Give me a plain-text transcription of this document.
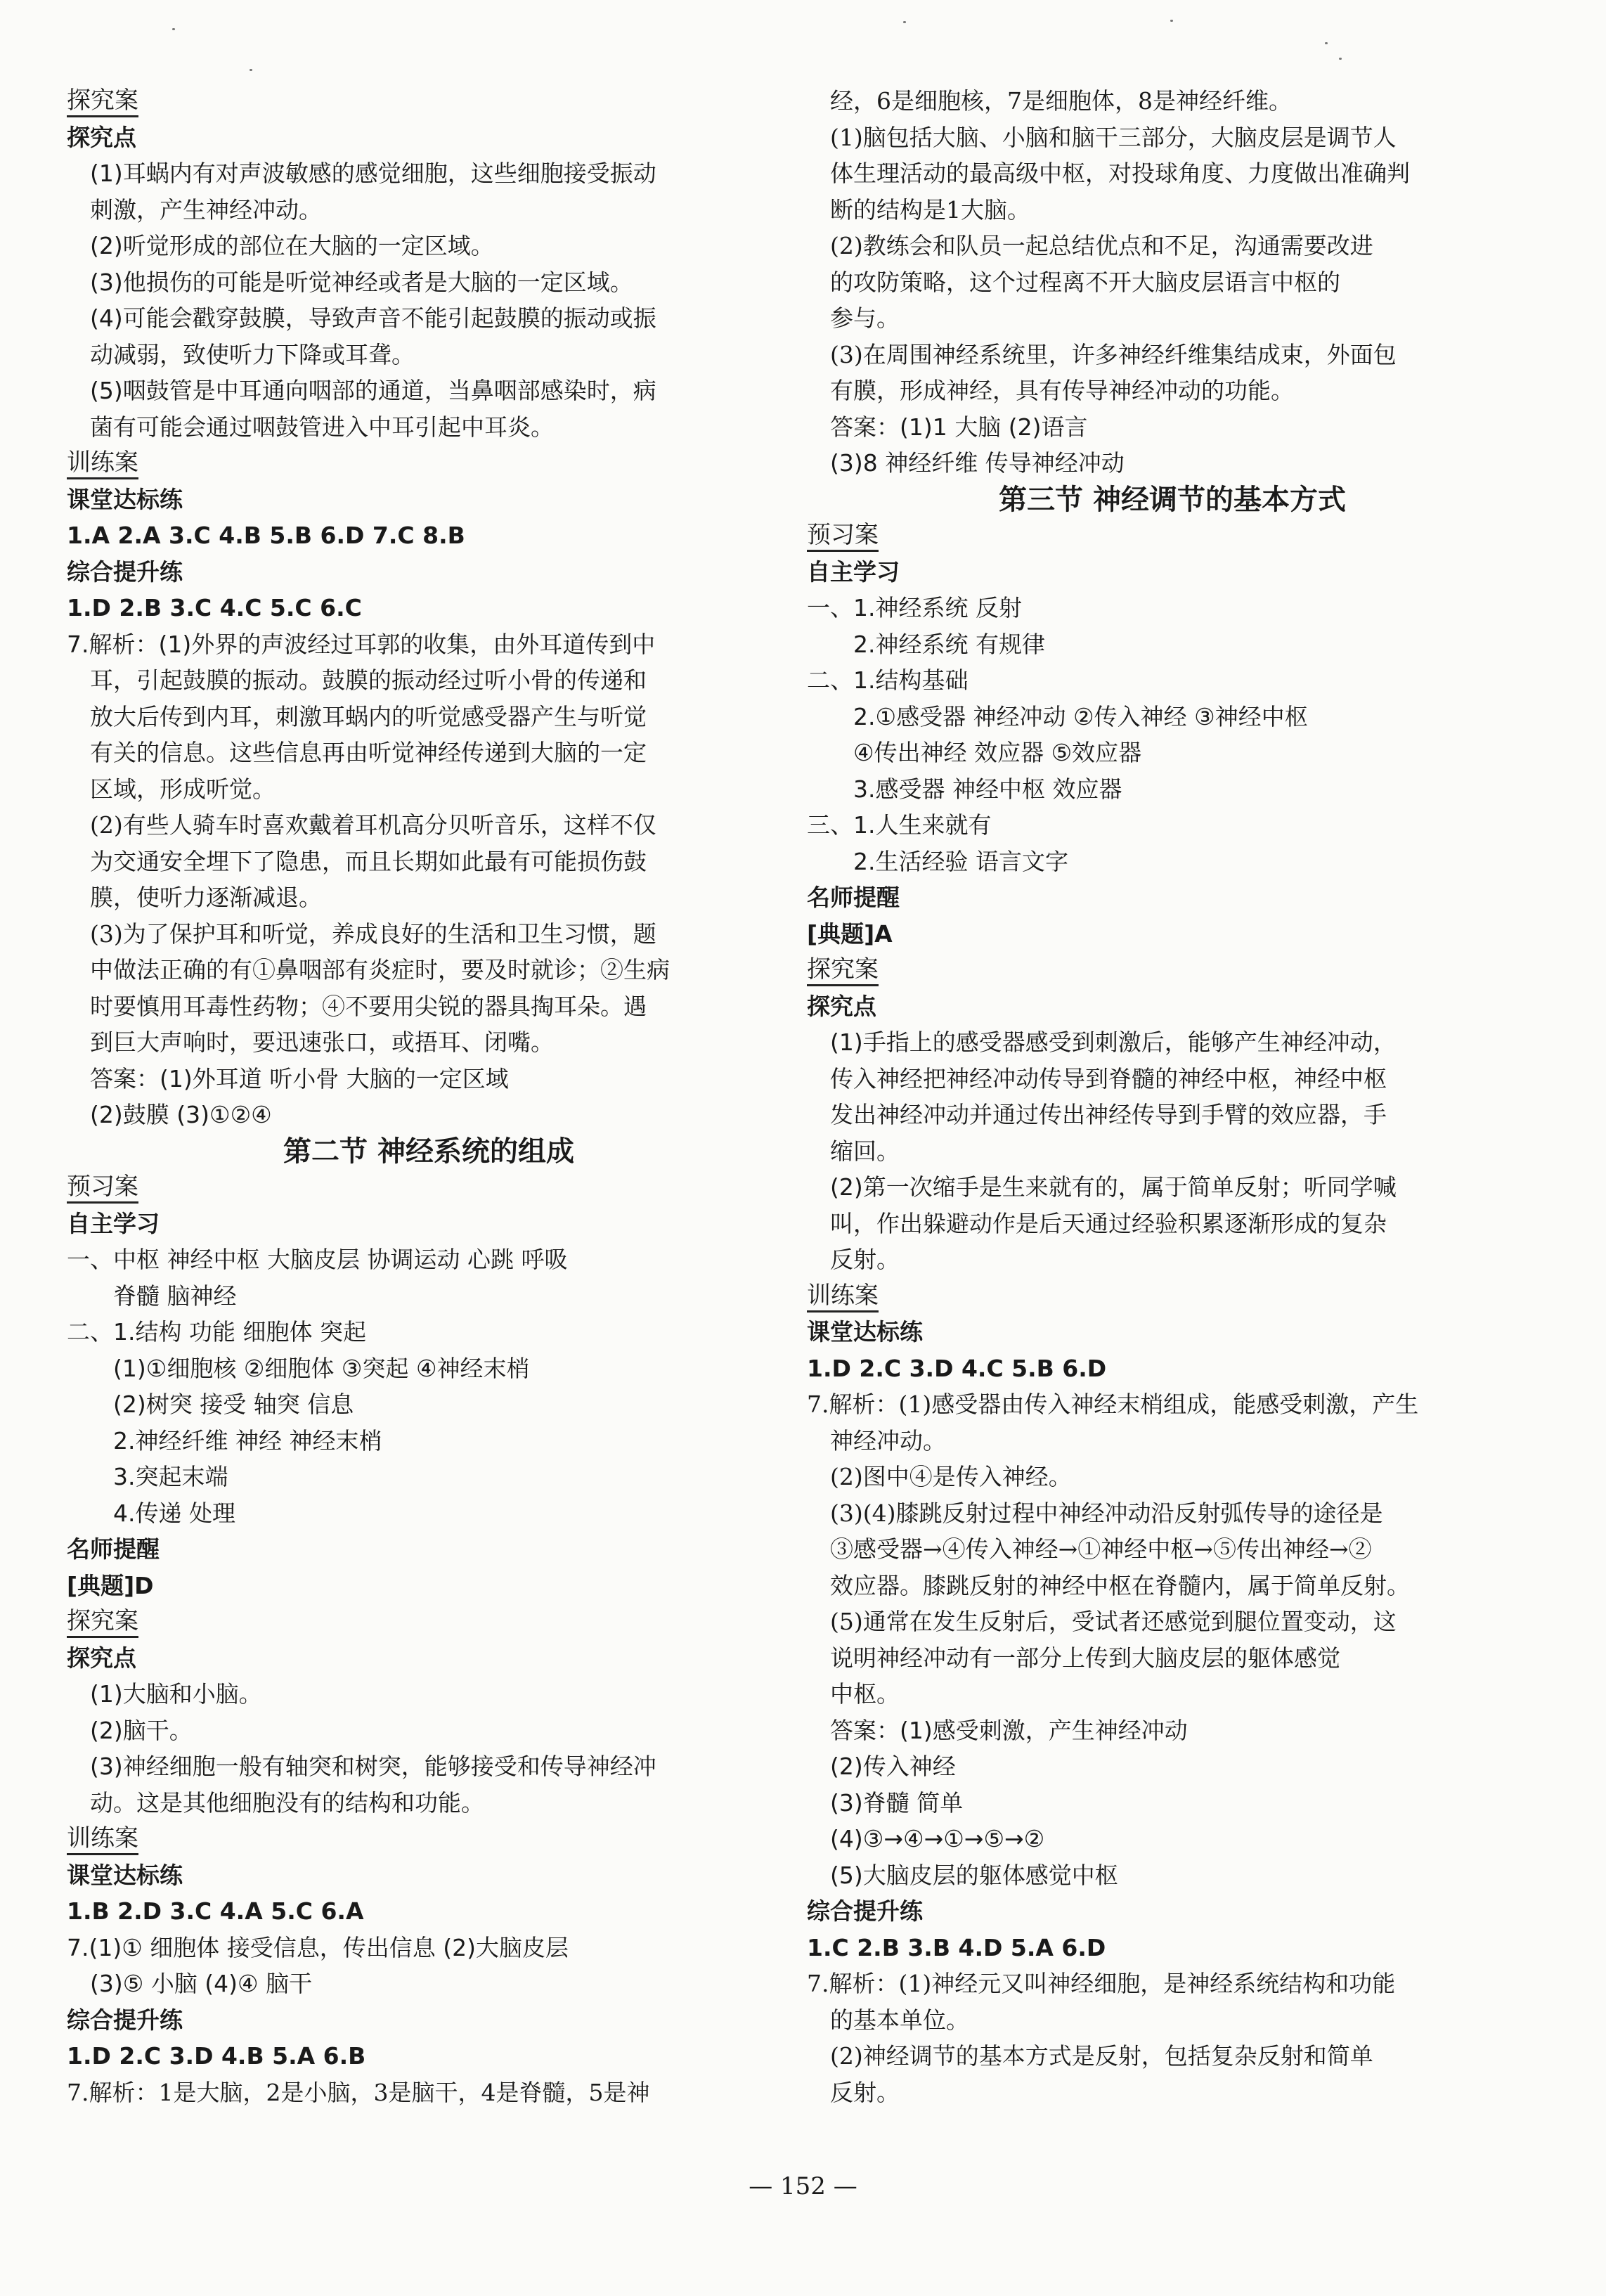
探究案
探究点
(1)耳蜗内有对声波敏感的感觉细胞，这些细胞接受振动
刺激，产生神经冲动。
(2)听觉形成的部位在大脑的一定区域。
(3)他损伤的可能是听觉神经或者是大脑的一定区域。
(4)可能会戳穿鼓膜，导致声音不能引起鼓膜的振动或振
动减弱，致使听力下降或耳聋。
(5)咽鼓管是中耳通向咽部的通道，当鼻咽部感染时，病
菌有可能会通过咽鼓管进入中耳引起中耳炎。
训练案
课堂达标练
1.A 2.A 3.C 4.B 5.B 6.D 7.C 8.B
综合提升练
1.D 2.B 3.C 4.C 5.C 6.C
7.解析：(1)外界的声波经过耳郭的收集，由外耳道传到中
耳，引起鼓膜的振动。鼓膜的振动经过听小骨的传递和
放大后传到内耳，刺激耳蜗内的听觉感受器产生与听觉
有关的信息。这些信息再由听觉神经传递到大脑的一定
区域，形成听觉。
(2)有些人骑车时喜欢戴着耳机高分贝听音乐，这样不仅
为交通安全埋下了隐患，而且长期如此最有可能损伤鼓
膜，使听力逐渐减退。
(3)为了保护耳和听觉，养成良好的生活和卫生习惯，题
中做法正确的有①鼻咽部有炎症时，要及时就诊；②生病
时要慎用耳毒性药物；④不要用尖锐的器具掏耳朵。遇
到巨大声响时，要迅速张口，或捂耳、闭嘴。
答案：(1)外耳道 听小骨 大脑的一定区域
(2)鼓膜 (3)①②④
第二节 神经系统的组成
预习案
自主学习
一、中枢 神经中枢 大脑皮层 协调运动 心跳 呼吸
脊髓 脑神经
二、1.结构 功能 细胞体 突起
(1)①细胞核 ②细胞体 ③突起 ④神经末梢
(2)树突 接受 轴突 信息
2.神经纤维 神经 神经末梢
3.突起末端
4.传递 处理
名师提醒
[典题]D
探究案
探究点
(1)大脑和小脑。
(2)脑干。
(3)神经细胞一般有轴突和树突，能够接受和传导神经冲
动。这是其他细胞没有的结构和功能。
训练案
课堂达标练
1.B 2.D 3.C 4.A 5.C 6.A
7.(1)① 细胞体 接受信息，传出信息 (2)大脑皮层
(3)⑤ 小脑 (4)④ 脑干
综合提升练
1.D 2.C 3.D 4.B 5.A 6.B
7.解析：1是大脑，2是小脑，3是脑干，4是脊髓，5是神
经，6是细胞核，7是细胞体，8是神经纤维。
(1)脑包括大脑、小脑和脑干三部分，大脑皮层是调节人
体生理活动的最高级中枢，对投球角度、力度做出准确判
断的结构是1大脑。
(2)教练会和队员一起总结优点和不足，沟通需要改进
的攻防策略，这个过程离不开大脑皮层语言中枢的
参与。
(3)在周围神经系统里，许多神经纤维集结成束，外面包
有膜，形成神经，具有传导神经冲动的功能。
答案：(1)1 大脑 (2)语言
(3)8 神经纤维 传导神经冲动
第三节 神经调节的基本方式
预习案
自主学习
一、1.神经系统 反射
2.神经系统 有规律
二、1.结构基础
2.①感受器 神经冲动 ②传入神经 ③神经中枢
④传出神经 效应器 ⑤效应器
3.感受器 神经中枢 效应器
三、1.人生来就有
2.生活经验 语言文字
名师提醒
[典题]A
探究案
探究点
(1)手指上的感受器感受到刺激后，能够产生神经冲动，
传入神经把神经冲动传导到脊髓的神经中枢，神经中枢
发出神经冲动并通过传出神经传导到手臂的效应器，手
缩回。
(2)第一次缩手是生来就有的，属于简单反射；听同学喊
叫，作出躲避动作是后天通过经验积累逐渐形成的复杂
反射。
训练案
课堂达标练
1.D 2.C 3.D 4.C 5.B 6.D
7.解析：(1)感受器由传入神经末梢组成，能感受刺激，产生
神经冲动。
(2)图中④是传入神经。
(3)(4)膝跳反射过程中神经冲动沿反射弧传导的途径是
③感受器→④传入神经→①神经中枢→⑤传出神经→②
效应器。膝跳反射的神经中枢在脊髓内，属于简单反射。
(5)通常在发生反射后，受试者还感觉到腿位置变动，这
说明神经冲动有一部分上传到大脑皮层的躯体感觉
中枢。
答案：(1)感受刺激，产生神经冲动
(2)传入神经
(3)脊髓 简单
(4)③→④→①→⑤→②
(5)大脑皮层的躯体感觉中枢
综合提升练
1.C 2.B 3.B 4.D 5.A 6.D
7.解析：(1)神经元又叫神经细胞，是神经系统结构和功能
的基本单位。
(2)神经调节的基本方式是反射，包括复杂反射和简单
反射。
— 152 —
